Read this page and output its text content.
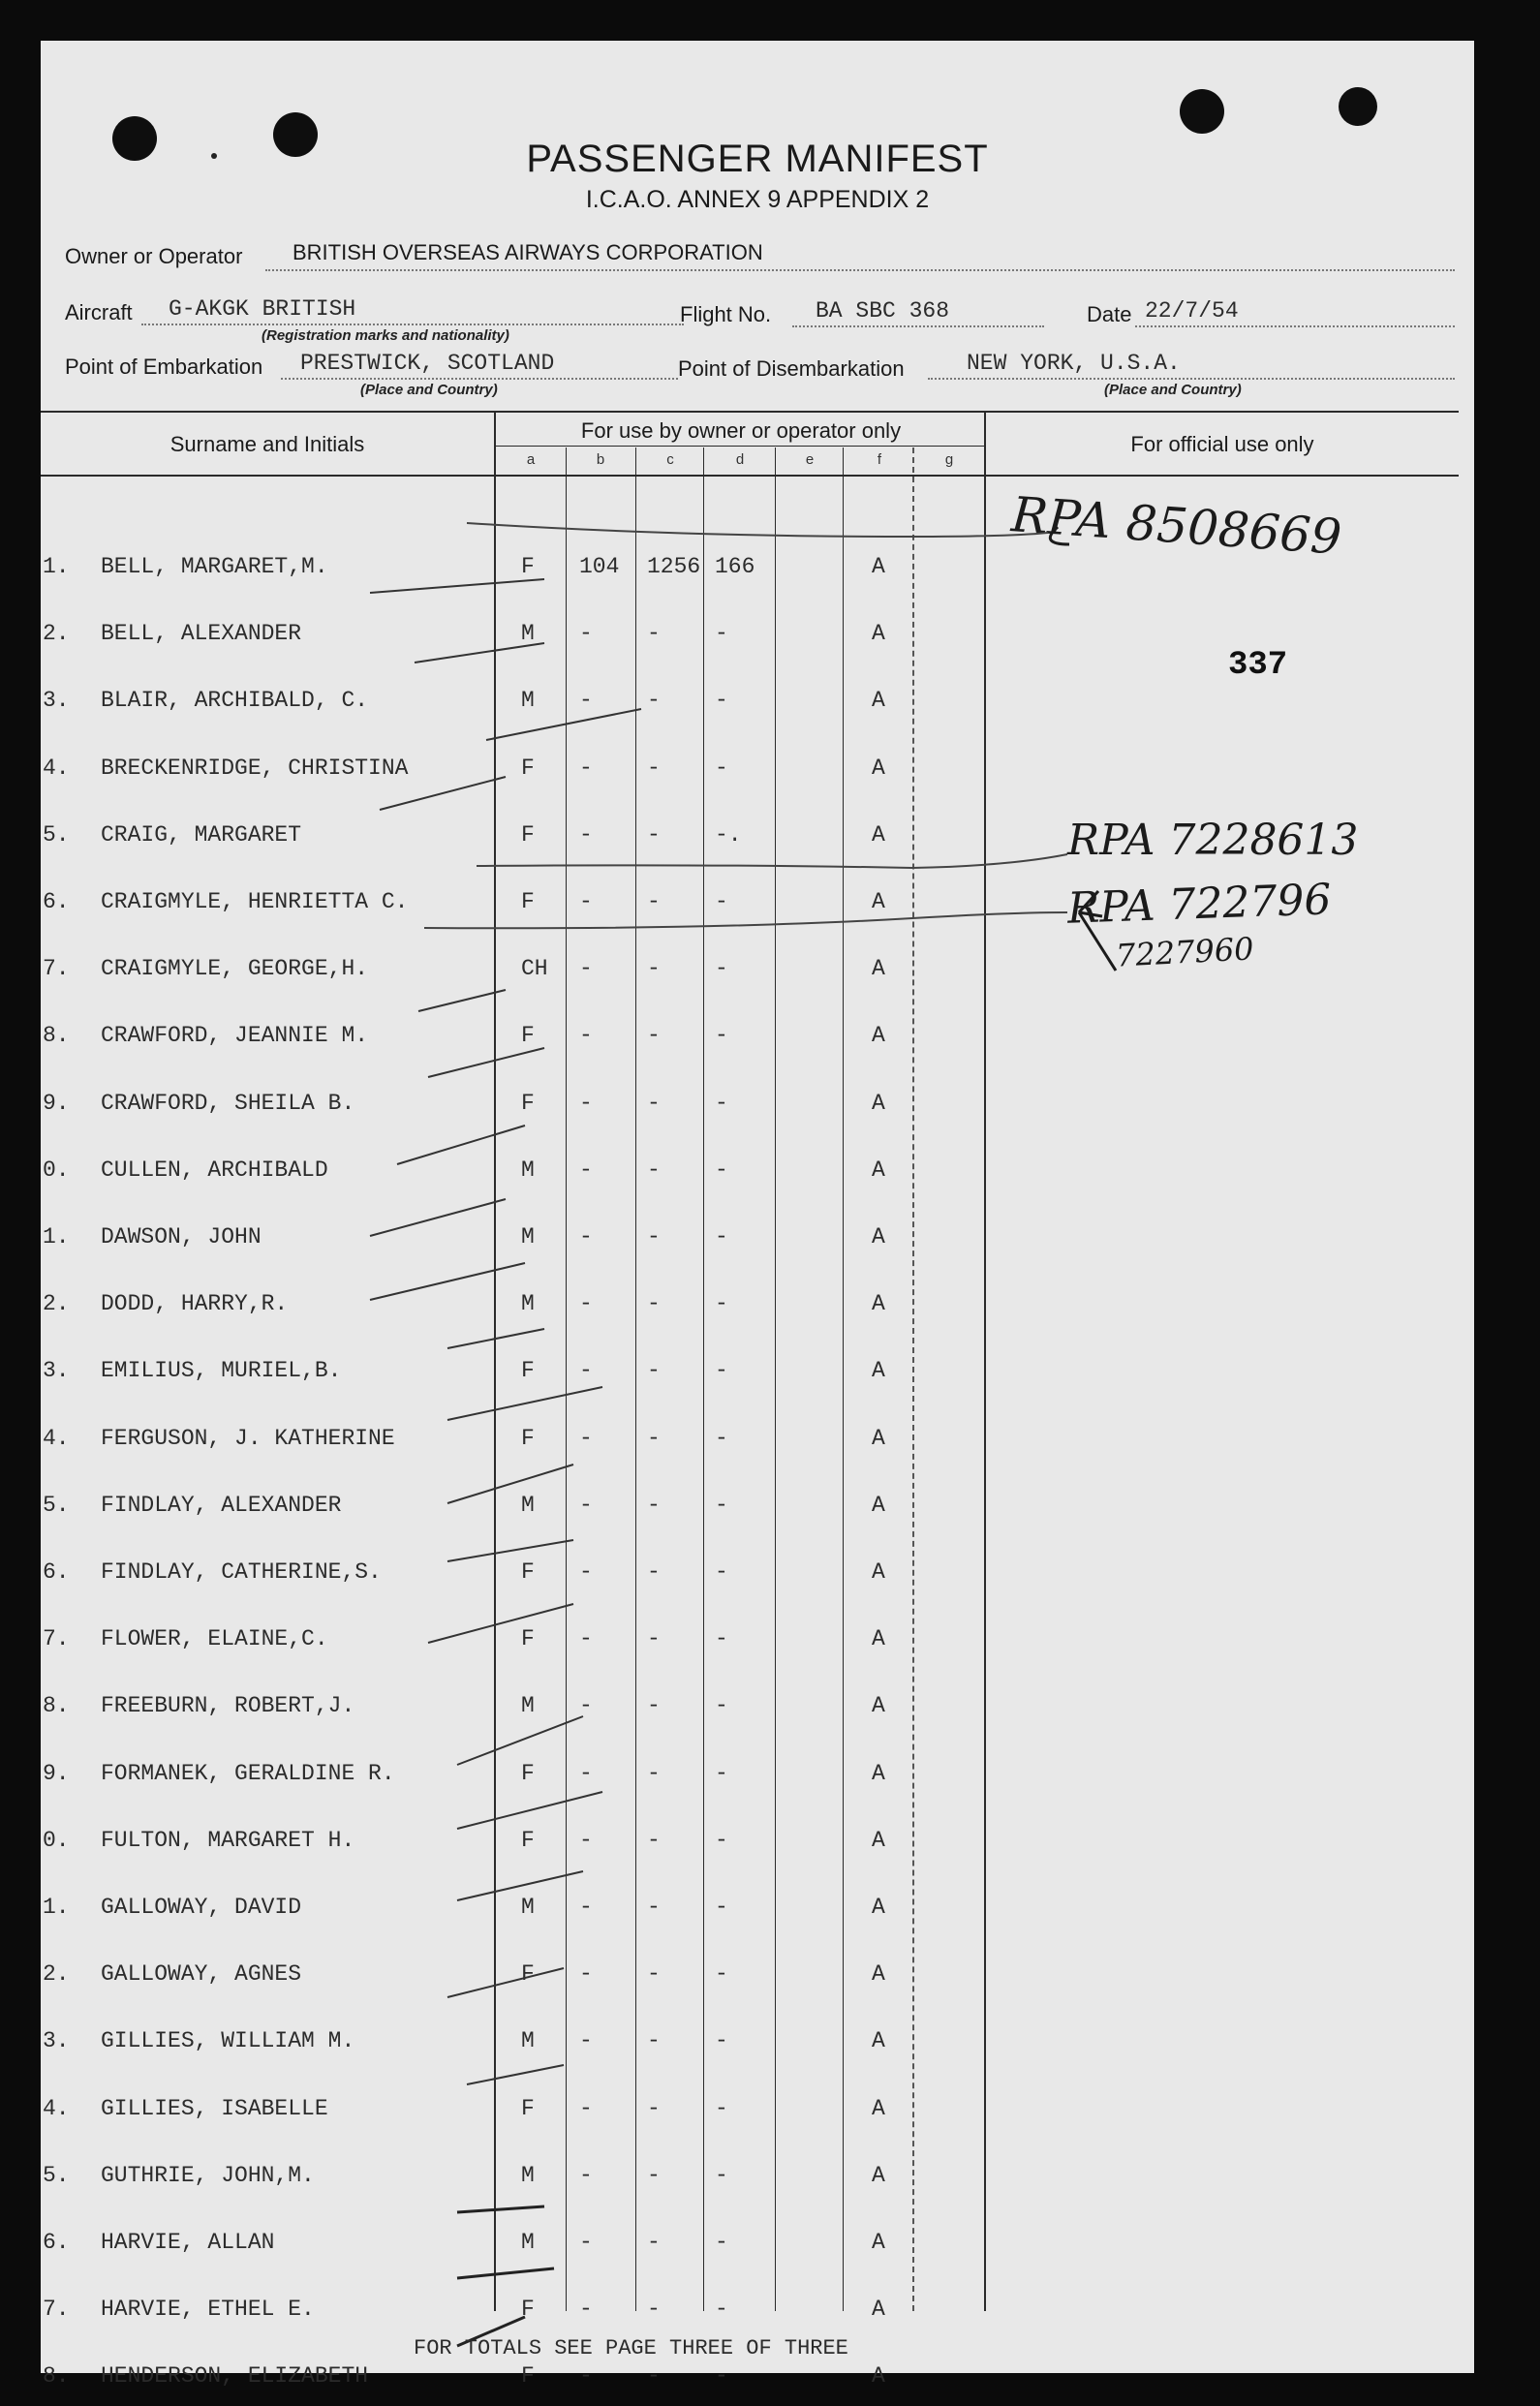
PASSENGER MANIFEST
I.C.A.O. ANNEX 9 APPENDIX 2
Owner or Operator BRITISH OVERSEAS AIRWAYS CORPORATION
Aircraft G-AKGK BRITISH
(Registration marks and nationality)
Flight No. BA SBC 368	Date 22/7/54
Point of Embarkation PRESTWICK, SCOTLAND
(Place and Country)
Point of Disembarkation	NEW YORK, U.S.A.
(Place and Country)
Surname and Initials
For use by owner or operator only
For official use only
a	b	c	d	e	f	g
1. BELL, MARGARET,M.	F 104 1256 166	A
2. BELL, ALEXANDER	M - - -	A
3. BLAIR, ARCHIBALD, C.	M - - -	A
4. BRECKENRIDGE, CHRISTINA	F - - -	A
5. CRAIG, MARGARET	F - - -.	A
6. CRAIGMYLE, HENRIETTA C.	F - - -	A
7. CRAIGMYLE, GEORGE,H.	CH - - -	A
8. CRAWFORD, JEANNIE M.	F - - -	A
9. CRAWFORD, SHEILA B.	F - - -	A
0. CULLEN, ARCHIBALD	M - - -	A
1. DAWSON, JOHN	M - - -	A
2. DODD, HARRY,R.	M - - -	A
3. EMILIUS, MURIEL,B.	F - - -	A
4. FERGUSON, J. KATHERINE	F - - -	A
5. FINDLAY, ALEXANDER	M - - -	A
6. FINDLAY, CATHERINE,S.	F - - -	A
7. FLOWER, ELAINE,C.	F - - -	A
8. FREEBURN, ROBERT,J.	M - - -	A
9. FORMANEK, GERALDINE R.	F - - -	A
0. FULTON, MARGARET H.	F - - -	A
1. GALLOWAY, DAVID	M - - -	A
2. GALLOWAY, AGNES	F - - -	A
3. GILLIES, WILLIAM M.	M - - -	A
4. GILLIES, ISABELLE	F - - -	A
5. GUTHRIE, JOHN,M.	M - - -	A
6. HARVIE, ALLAN	M - - -	A
7. HARVIE, ETHEL E.	F - - -	A
8. HENDERSON, ELIZABETH	F - - -	A
RPA 8508669
337
RPA 7228613
RPA 722796
7227960
FOR TOTALS SEE PAGE THREE OF THREE
